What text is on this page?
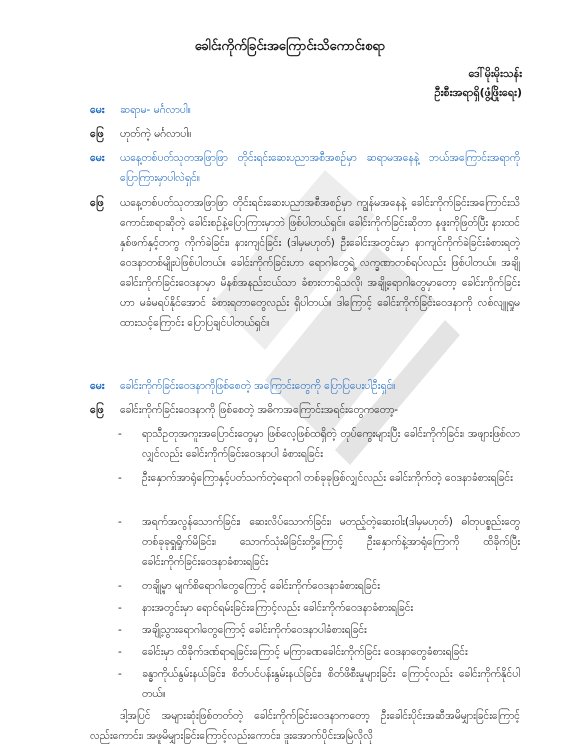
ခေါင်းကိုက်ခြင်းအကြောင်းသိကောင်းစရာ
ဒေါ်မိုးမိုးသန်း
ဦးစီးအရာရှိ(ဖွံ့ဖြိုးရေး)
မေး ဆရာမ- မင်္ဂလာပါ။
ဖြေ ဟုတ်ကဲ့ မင်္ဂလာပါ။
မေး ယနေ့တစ်ပတ်သုတအဖြာဖြာ တိုင်းရင်းဆေးပညာအစီအစဉ်မှာ ဆရာမအနေနဲ့ ဘယ်အကြောင်းအရာကို ပြောကြားမှာပါလဲရှင်။
ဖြေ ယနေ့တစ်ပတ်သုတအဖြာဖြာ တိုင်းရင်းဆေးပညာအစီအစဉ်မှာ ကျွန်မအနေနဲ့ ခေါင်းကိုက်ခြင်းအကြောင်းသိကောင်းစရာဆိုတဲ့ ခေါင်းစဉ်နဲ့ပြောကြားမှာဘဲ ဖြစ်ပါတယ်ရှင်။ ခေါင်းကိုက်ခြင်းဆိုတာ နဖူးကိုဖြတ်ပြီး နားထင်နှစ်ဖက်နှင့်တကွ ကိုက်ခဲခြင်း၊ နားကျင်ခြင်း (ဒါမှမဟုတ်) ဦးခေါင်းအတွင်းမှာ နာကျင်ကိုက်ခဲခြင်းခံစားရတဲ့ ဝေဒနာတစ်မျိုးပဲဖြစ်ပါတယ်။ ခေါင်းကိုက်ခြင်းဟာ ရောဂါတွေရဲ့ လက္ခဏာတစ်ရပ်လည်း ဖြစ်ပါတယ်။ အချို့ခေါင်းကိုက်ခြင်းဝေဒနာမှာ မိနစ်အနည်းငယ်သာ ခံစားတာရှိသလို၊ အချို့ရောဂါတွေမှာတော့ ခေါင်းကိုက်ခြင်းဟာ မခံမရပ်နိုင်အောင် ခံစားရတာတွေလည်း ရှိပါတယ်။ ဒါကြောင့် ခေါင်းကိုက်ခြင်းဝေဒနာကို လစ်လျူရှုမထားသင့်ကြောင်း ပြောပြချင်ပါတယ်ရှင်။
မေး ခေါင်းကိုက်ခြင်းဝေဒနာကိုဖြစ်စေတဲ့ အကြောင်းတွေကို ပြောပြပေးပါဦးရှင်။
ဖြေ ခေါင်းကိုက်ခြင်းဝေဒနာကို ဖြစ်စေတဲ့ အဓိကအကြောင်းအရင်းတွေကတော့-
- ရာသီဥတုအကူးအပြောင်းတွေမှာ ဖြစ်လေ့ဖြစ်ထရှိတဲ့ တုပ်ကွေးများပြီး ခေါင်းကိုက်ခြင်း၊ အဖျားဖြစ်လာလျှင်လည်း ခေါင်းကိုက်ခြင်းဝေဒနာပါ ခံစားရခြင်း
- ဦးနှောက်အာရုံကြောနှင့်ပတ်သက်တဲ့ရောဂါ တစ်ခုခုဖြစ်လျှင်လည်း ခေါင်းကိုက်တဲ့ ဝေဒနာခံစားရခြင်း
- အရက်အလွန်သောက်ခြင်း၊ ဆေးလိပ်သောက်ခြင်း၊ မတည့်တဲ့ဆေးဝါး(ဒါမှမဟုတ်) ဓါတုပစ္စည်းတွေ တစ်ခုခုရှူရှိုက်မိခြင်း၊ သောက်သုံးမိခြင်းတို့ကြောင့် ဦးနှောက်နဲ့အာရုံကြောကို ထိခိုက်ပြီး ခေါင်းကိုက်ခြင်းဝေဒနာခံစားရခြင်း
- တချို့မှာ မျက်စိရောဂါတွေကြောင့် ခေါင်းကိုက်ဝေဒနာခံစားရခြင်း
- နားအတွင်းမှာ ရောင်ရမ်းခြင်းကြောင့်လည်း ခေါင်းကိုက်ဝေဒနာခံစားရခြင်း
- အချို့သွားရောဂါတွေကြောင့် ခေါင်းကိုက်ဝေဒနာပါခံစားရခြင်း
- ခေါင်းမှာ ထိခိုက်ဒဏ်ရာရခြင်းကြောင့် မကြာခဏခေါင်းကိုက်ခြင်း ဝေဒနာတွေခံစားရခြင်း
- ခန္ဓာကိုယ်နွမ်းနယ်ခြင်း၊ စိတ်ပင်ပန်းနွမ်းနယ်ခြင်း၊ စိတ်ဖိစီးမှုများခြင်း ကြောင့်လည်း ခေါင်းကိုက်နိုင်ပါတယ်။
ဒါ့အပြင် အများဆုံးဖြစ်တတ်တဲ့ ခေါင်းကိုက်ခြင်းဝေဒနာကတော့ ဦးခေါင်းပိုင်းအဆီအမိမျှားခြင်းကြောင့်လည်းကောင်း၊ အဖူမိမျှားခြင်းကြောင့်လည်းကောင်း၊ ဒူးအောက်ပိုင်းအမြဲလိုလို
